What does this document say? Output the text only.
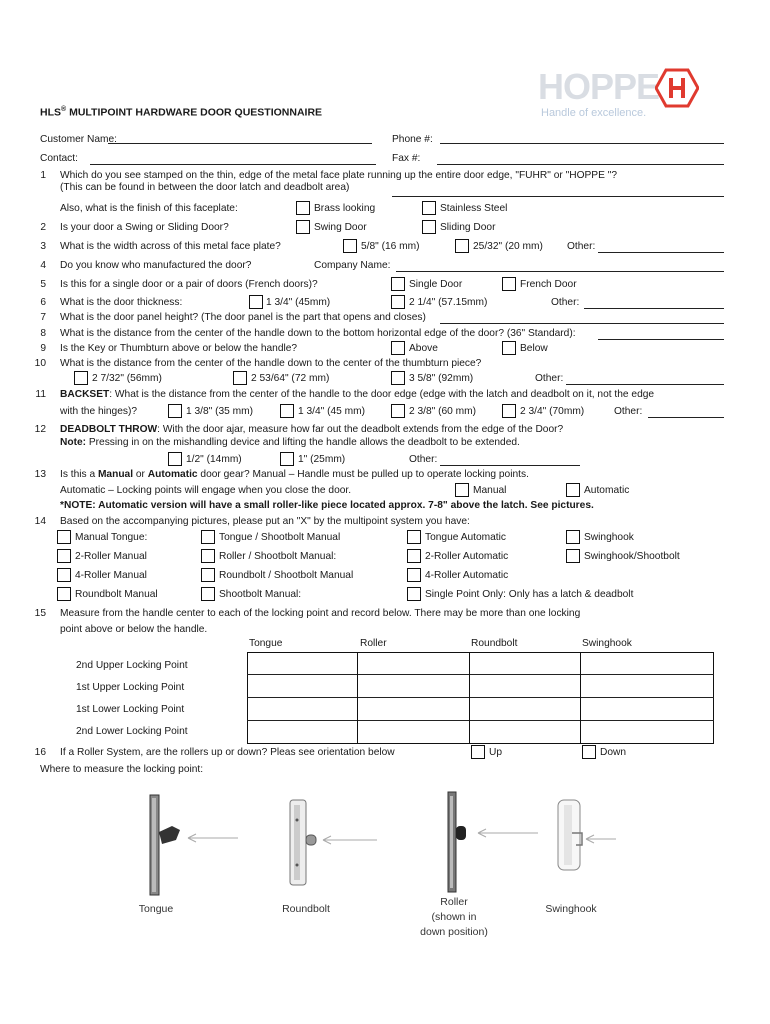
HOPPE
Handle of excellence.
HLS® MULTIPOINT HARDWARE DOOR QUESTIONNAIRE
Customer Name:	Phone #:
Contact:	Fax #:
1 Which do you see stamped on the thin, edge of the metal face plate running up the entire door edge, "FUHR" or "HOPPE "?
(This can be found in between the door latch and deadbolt area)
Also, what is the finish of this faceplate:	Brass looking	Stainless Steel
2 Is your door a Swing or Sliding Door?	Swing Door	Sliding Door
3 What is the width across of this metal face plate?	5/8" (16 mm)	25/32" (20 mm) Other:
4 Do you know who manufactured the door?	Company Name:
5 Is this for a single door or a pair of doors (French doors)?	Single Door	French Door
6 What is the door thickness:	1 3/4" (45mm)	2 1/4" (57.15mm)	Other:
7 What is the door panel height? (The door panel is the part that opens and closes)
8 What is the distance from the center of the handle down to the bottom horizontal edge of the door? (36" Standard):
9 Is the Key or Thumbturn above or below the handle?	Above	Below
10 What is the distance from the center of the handle down to the center of the thumbturn piece?
2 7/32" (56mm)	2 53/64" (72 mm)	3 5/8" (92mm)	Other:
11 BACKSET: What is the distance from the center of the handle to the door edge (edge with the latch and deadbolt on it, not the edge
with the hinges)?	1 3/8" (35 mm)	1 3/4" (45 mm)	2 3/8" (60 mm)	2 3/4" (70mm)	Other:
12 DEADBOLT THROW: With the door ajar, measure how far out the deadbolt extends from the edge of the Door?
Note: Pressing in on the mishandling device and lifting the handle allows the deadbolt to be extended.
1/2" (14mm)	1" (25mm)	Other:
13 Is this a Manual or Automatic door gear? Manual – Handle must be pulled up to operate locking points.
Automatic – Locking points will engage when you close the door.	Manual	Automatic
*NOTE: Automatic version will have a small roller-like piece located approx. 7-8" above the latch. See pictures.
14 Based on the accompanying pictures, please put an "X" by the multipoint system you have:
Manual Tongue:	Tongue / Shootbolt Manual	Tongue Automatic	Swinghook
2-Roller Manual	Roller / Shootbolt Manual:	2-Roller Automatic	Swinghook/Shootbolt
4-Roller Manual	Roundbolt / Shootbolt Manual	4-Roller Automatic
Roundbolt Manual	Shootbolt Manual:	Single Point Only: Only has a latch & deadbolt
15 Measure from the handle center to each of the locking point and record below. There may be more than one locking
point above or below the handle.
Tongue	Roller	Roundbolt	Swinghook
2nd Upper Locking Point
1st Upper Locking Point
1st Lower Locking Point
2nd Lower Locking Point
16 If a Roller System, are the rollers up or down? Pleas see orientation below	Up	Down
Where to measure the locking point:
Tongue	Roundbolt
Roller
(shown in
down position)
Swinghook
